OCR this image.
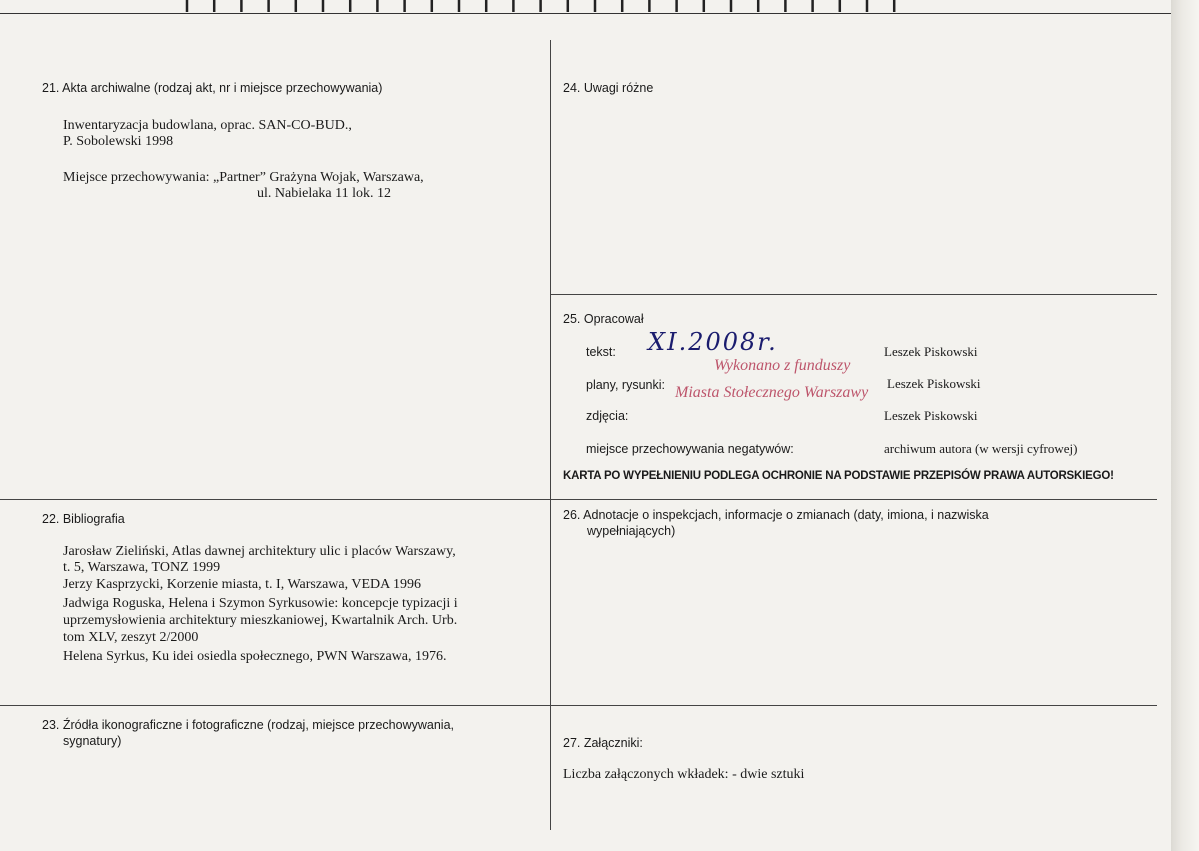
21. Akta archiwalne (rodzaj akt, nr i miejsce przechowywania)
Inwentaryzacja budowlana, oprac. SAN-CO-BUD.,
P. Sobolewski 1998
Miejsce przechowywania: „Partner” Grażyna Wojak, Warszawa,
ul. Nabielaka 11 lok. 12
24. Uwagi różne
25. Opracował
tekst:	Leszek Piskowski
plany, rysunki:	Leszek Piskowski
zdjęcia:	Leszek Piskowski
miejsce przechowywania negatywów:	archiwum autora (w wersji cyfrowej)
XI.2008r.
Wykonano z funduszy
Miasta Stołecznego Warszawy
KARTA PO WYPEŁNIENIU PODLEGA OCHRONIE NA PODSTAWIE PRZEPISÓW PRAWA AUTORSKIEGO!
22. Bibliografia
Jarosław Zieliński, Atlas dawnej architektury ulic i placów Warszawy,
t. 5, Warszawa, TONZ 1999
Jerzy Kasprzycki, Korzenie miasta, t. I, Warszawa, VEDA 1996
Jadwiga Roguska, Helena i Szymon Syrkusowie: koncepcje typizacji i
uprzemysłowienia architektury mieszkaniowej, Kwartalnik Arch. Urb.
tom XLV, zeszyt 2/2000
Helena Syrkus, Ku idei osiedla społecznego, PWN Warszawa, 1976.
26. Adnotacje o inspekcjach, informacje o zmianach (daty, imiona, i nazwiska
wypełniających)
23. Źródła ikonograficzne i fotograficzne (rodzaj, miejsce przechowywania,
sygnatury)	27. Załączniki:
Liczba załączonych wkładek: - dwie sztuki
